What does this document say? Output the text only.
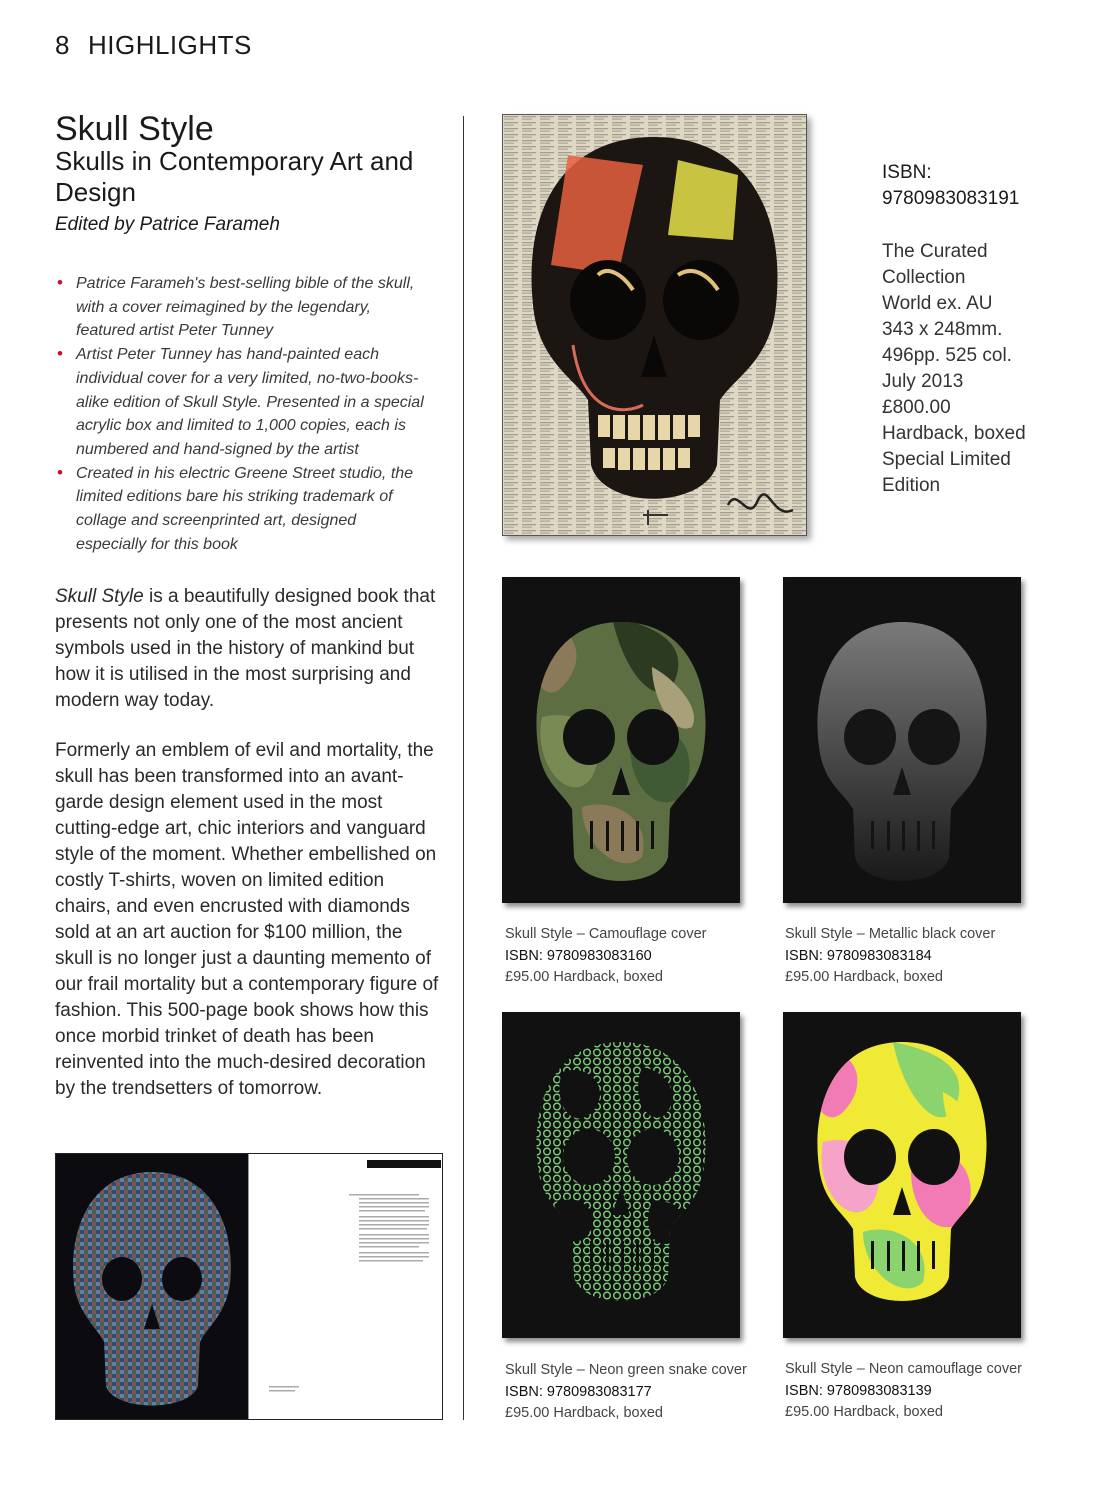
8 HIGHLIGHTS
Skull Style
Skulls in Contemporary Art and Design
Edited by Patrice Farameh
• Patrice Farameh's best-selling bible of the skull, with a cover reimagined by the legendary, featured artist Peter Tunney
• Artist Peter Tunney has hand-painted each individual cover for a very limited, no-two-books-alike edition of Skull Style. Presented in a special acrylic box and limited to 1,000 copies, each is numbered and hand-signed by the artist
• Created in his electric Greene Street studio, the limited editions bare his striking trademark of collage and screenprinted art, designed especially for this book

Skull Style is a beautifully designed book that presents not only one of the most ancient symbols used in the history of mankind but how it is utilised in the most surprising and modern way today.

Formerly an emblem of evil and mortality, the skull has been transformed into an avant-garde design element used in the most cutting-edge art, chic interiors and vanguard style of the moment. Whether embellished on costly T-shirts, woven on limited edition chairs, and even encrusted with diamonds sold at an art auction for $100 million, the skull is no longer just a daunting memento of our frail mortality but a contemporary figure of fashion. This 500-page book shows how this once morbid trinket of death has been reinvented into the much-desired decoration by the trendsetters of tomorrow.

ISBN:
9780983083191
The Curated
Collection
World ex. AU
343 x 248mm.
496pp. 525 col.
July 2013
£800.00
Hardback, boxed
Special Limited
Edition
Skull Style – Camouflage cover
ISBN: 9780983083160
£95.00 Hardback, boxed
Skull Style – Metallic black cover
ISBN: 9780983083184
£95.00 Hardback, boxed
Skull Style – Neon green snake cover
ISBN: 9780983083177
£95.00 Hardback, boxed
Skull Style – Neon camouflage cover
ISBN: 9780983083139
£95.00 Hardback, boxed
